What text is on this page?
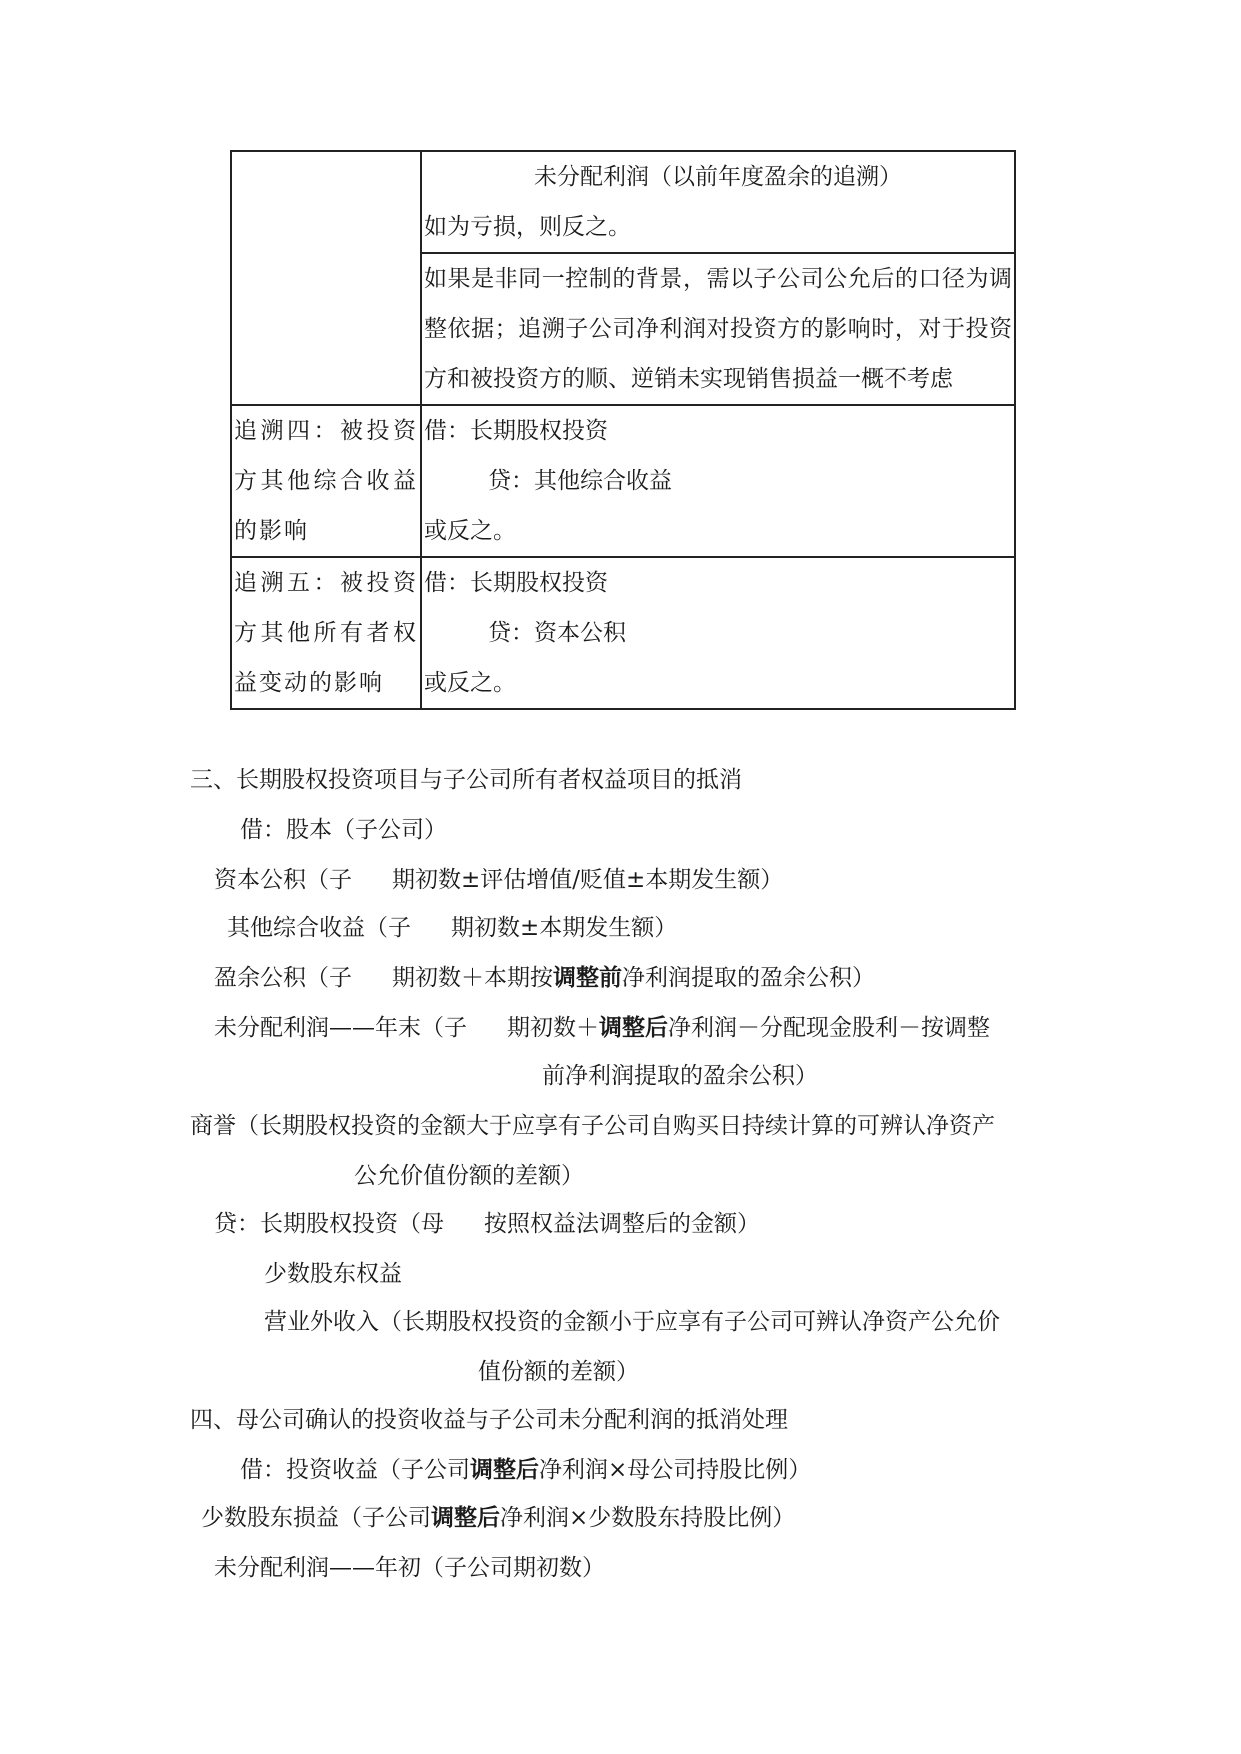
	未分配利润（以前年度盈余的追溯）
如为亏损，则反之。

	如果是非同一控制的背景，需以子公司公允后的口径为调整依据；追溯子公司净利润对投资方的影响时，对于投资方和被投资方的顺、逆销未实现销售损益一概不考虑
追溯四：被投资方其他综合收益的影响	借：长期股权投资
贷：其他综合收益
或反之。

追溯五：被投资方其他所有者权益变动的影响	借：长期股权投资
贷：资本公积
或反之。
三、长期股权投资项目与子公司所有者权益项目的抵消
借：股本（子公司）
资本公积（子 期初数±评估增值/贬值±本期发生额）
其他综合收益（子 期初数±本期发生额）
盈余公积（子 期初数＋本期按调整前净利润提取的盈余公积）
未分配利润——年末（子 期初数＋调整后净利润－分配现金股利－按调整
前净利润提取的盈余公积）
商誉（长期股权投资的金额大于应享有子公司自购买日持续计算的可辨认净资产
公允价值份额的差额）
贷：长期股权投资（母 按照权益法调整后的金额）
少数股东权益
营业外收入（长期股权投资的金额小于应享有子公司可辨认净资产公允价
值份额的差额）
四、母公司确认的投资收益与子公司未分配利润的抵消处理
借：投资收益（子公司调整后净利润×母公司持股比例）
少数股东损益（子公司调整后净利润×少数股东持股比例）
未分配利润——年初（子公司期初数）
